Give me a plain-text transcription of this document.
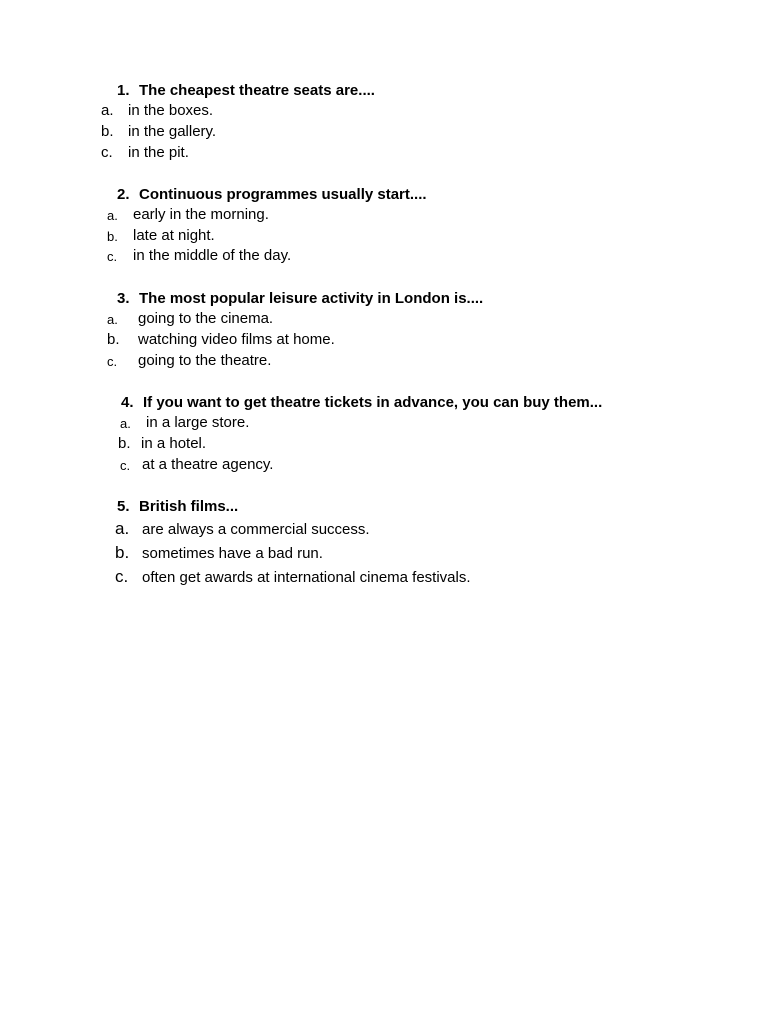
1. The cheapest theatre seats are....
a. in the boxes.
b. in the gallery.
c. in the pit.
2. Continuous programmes usually start....
a. early in the morning.
b. late at night.
c. in the middle of the day.
3. The most popular leisure activity in London is....
a. going to the cinema.
b. watching video films at home.
c. going to the theatre.
4. If you want to get theatre tickets in advance, you can buy them...
a. in a large store.
b. in a hotel.
c. at a theatre agency.
5. British films...
a. are always a commercial success.
b. sometimes have a bad run.
c. often get awards at international cinema festivals.
